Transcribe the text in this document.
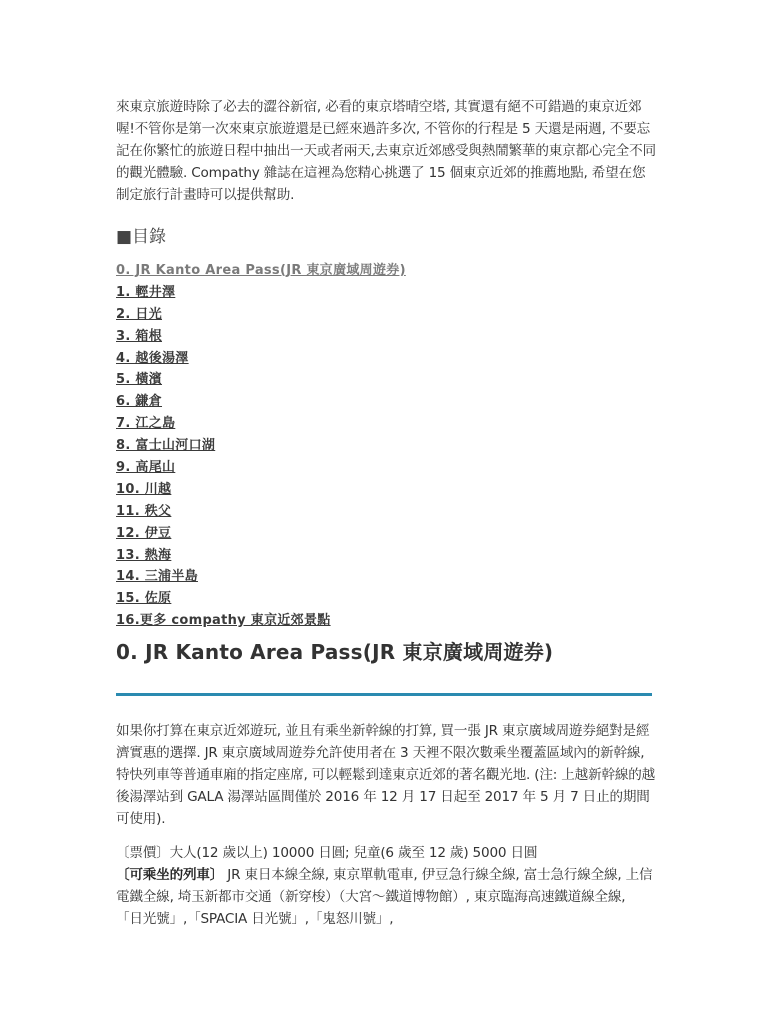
來東京旅遊時除了必去的澀谷新宿, 必看的東京塔晴空塔, 其實還有絕不可錯過的東京近郊喔!不管你是第一次來東京旅遊還是已經來過許多次, 不管你的行程是 5 天還是兩週, 不要忘記在你繁忙的旅遊日程中抽出一天或者兩天,去東京近郊感受與熱鬧繁華的東京都心完全不同的觀光體驗. Compathy 雜誌在這裡為您精心挑選了 15 個東京近郊的推薦地點, 希望在您制定旅行計畫時可以提供幫助.

■目錄
0. JR Kanto Area Pass(JR 東京廣域周遊券)
1. 輕井澤
2. 日光
3. 箱根
4. 越後湯澤
5. 橫濱
6. 鎌倉
7. 江之島
8. 富士山河口湖
9. 高尾山
10. 川越
11. 秩父
12. 伊豆
13. 熱海
14. 三浦半島
15. 佐原
16.更多 compathy 東京近郊景點
0. JR Kanto Area Pass(JR 東京廣域周遊券)

如果你打算在東京近郊遊玩, 並且有乘坐新幹線的打算, 買一張 JR 東京廣域周遊券絕對是經濟實惠的選擇. JR 東京廣域周遊券允許使用者在 3 天裡不限次數乘坐覆蓋區域內的新幹線, 特快列車等普通車廂的指定座席, 可以輕鬆到達東京近郊的著名觀光地. (注: 上越新幹線的越後湯澤站到 GALA 湯澤站區間僅於 2016 年 12 月 17 日起至 2017 年 5 月 7 日止的期間可使用).

〔票價〕大人(12 歲以上) 10000 日圓; 兒童(6 歲至 12 歲) 5000 日圓

〔可乘坐的列車〕 JR 東日本線全線, 東京單軌電車, 伊豆急行線全線, 富士急行線全線, 上信電鐵全線, 埼玉新都市交通（新穿梭）（大宮～鐵道博物館）, 東京臨海高速鐵道線全線, 「日光號」,「SPACIA 日光號」,「鬼怒川號」,
